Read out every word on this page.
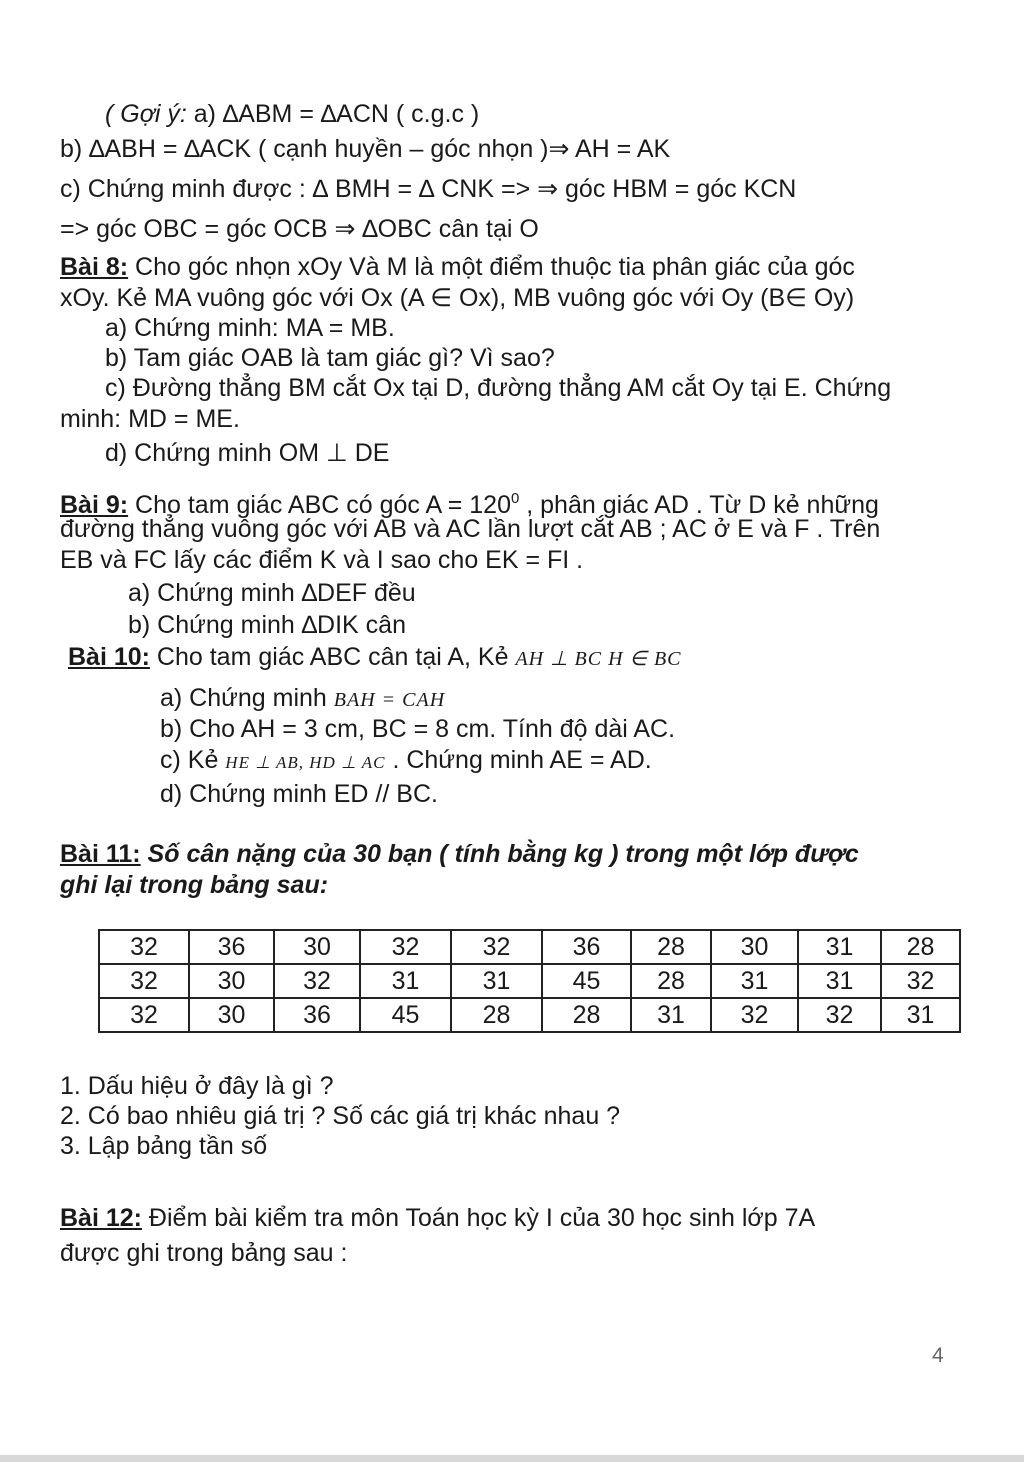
( Gợi ý: a) ∆ABM = ∆ACN ( c.g.c )
b) ∆ABH = ∆ACK ( cạnh huyền – góc nhọn )⇒ AH = AK
c) Chứng minh được : ∆ BMH = ∆ CNK => ⇒ góc HBM = góc KCN
=> góc OBC = góc OCB ⇒ ∆OBC cân tại O
Bài 8: Cho góc nhọn xOy Và M là một điểm thuộc tia phân giác của góc
xOy. Kẻ MA vuông góc với Ox (A ∈ Ox), MB vuông góc với Oy (B∈ Oy)
a) Chứng minh: MA = MB.
b) Tam giác OAB là tam giác gì? Vì sao?
c) Đường thẳng BM cắt Ox tại D, đường thẳng AM cắt Oy tại E. Chứng
minh: MD = ME.
d) Chứng minh OM ⊥ DE
Bài 9: Cho tam giác ABC có góc $A = 120^0$ , phân giác AD . Từ D kẻ những
đường thẳng vuông góc với AB và AC lần lượt cắt AB ; AC ở E và F . Trên
EB và FC lấy các điểm K và I sao cho EK = FI .
a) Chứng minh ∆DEF đều
b) Chứng minh ∆DIK cân
Bài 10: Cho tam giác ABC cân tại A, Kẻ AH ⊥ BC H ∈ BC
a) Chứng minh BAH = CAH
b) Cho AH = 3 cm, BC = 8 cm. Tính độ dài AC.
c) Kẻ HE ⊥ AB, HD ⊥ AC . Chứng minh AE = AD.
d) Chứng minh ED // BC.
Bài 11: Số cân nặng của 30 bạn ( tính bằng kg ) trong một lớp được
ghi lại trong bảng sau:
32	36	30	32	32	36	28	30	31	28
32	30	32	31	31	45	28	31	31	32
32	30	36	45	28	28	31	32	32	31
1. Dấu hiệu ở đây là gì ?
2. Có bao nhiêu giá trị ? Số các giá trị khác nhau ?
3. Lập bảng tần số
Bài 12: Điểm bài kiểm tra môn Toán học kỳ I của 30 học sinh lớp 7A
được ghi trong bảng sau :
4
